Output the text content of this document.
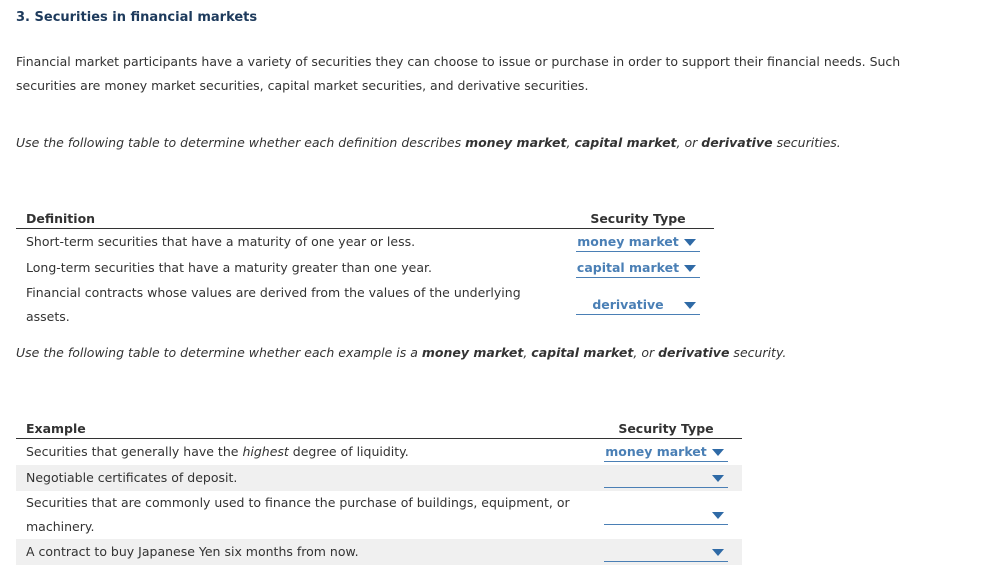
3. Securities in financial markets
Financial market participants have a variety of securities they can choose to issue or purchase in order to support their financial needs. Such securities are money market securities, capital market securities, and derivative securities.
Use the following table to determine whether each definition describes money market, capital market, or derivative securities.
Definition	Security Type
Short-term securities that have a maturity of one year or less.	money market

Long-term securities that have a maturity greater than one year.	capital market

Financial contracts whose values are derived from the values of the underlying assets.	derivative
Use the following table to determine whether each example is a money market, capital market, or derivative security.
Example	Security Type
Securities that generally have the highest degree of liquidity.	money market

Negotiable certificates of deposit.	

Securities that are commonly used to finance the purchase of buildings, equipment, or machinery.	

A contract to buy Japanese Yen six months from now.	
